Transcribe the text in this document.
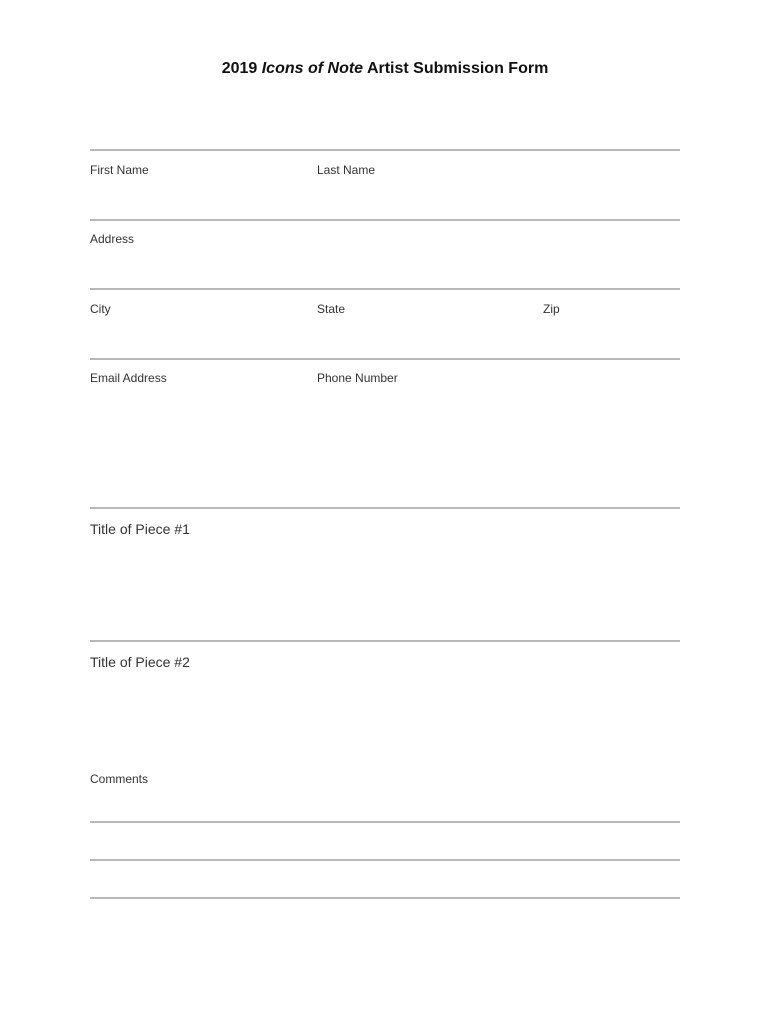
2019 Icons of Note Artist Submission Form
First Name	Last Name
Address
City	State	Zip
Email Address	Phone Number
Title of Piece #1
Title of Piece #2
Comments
